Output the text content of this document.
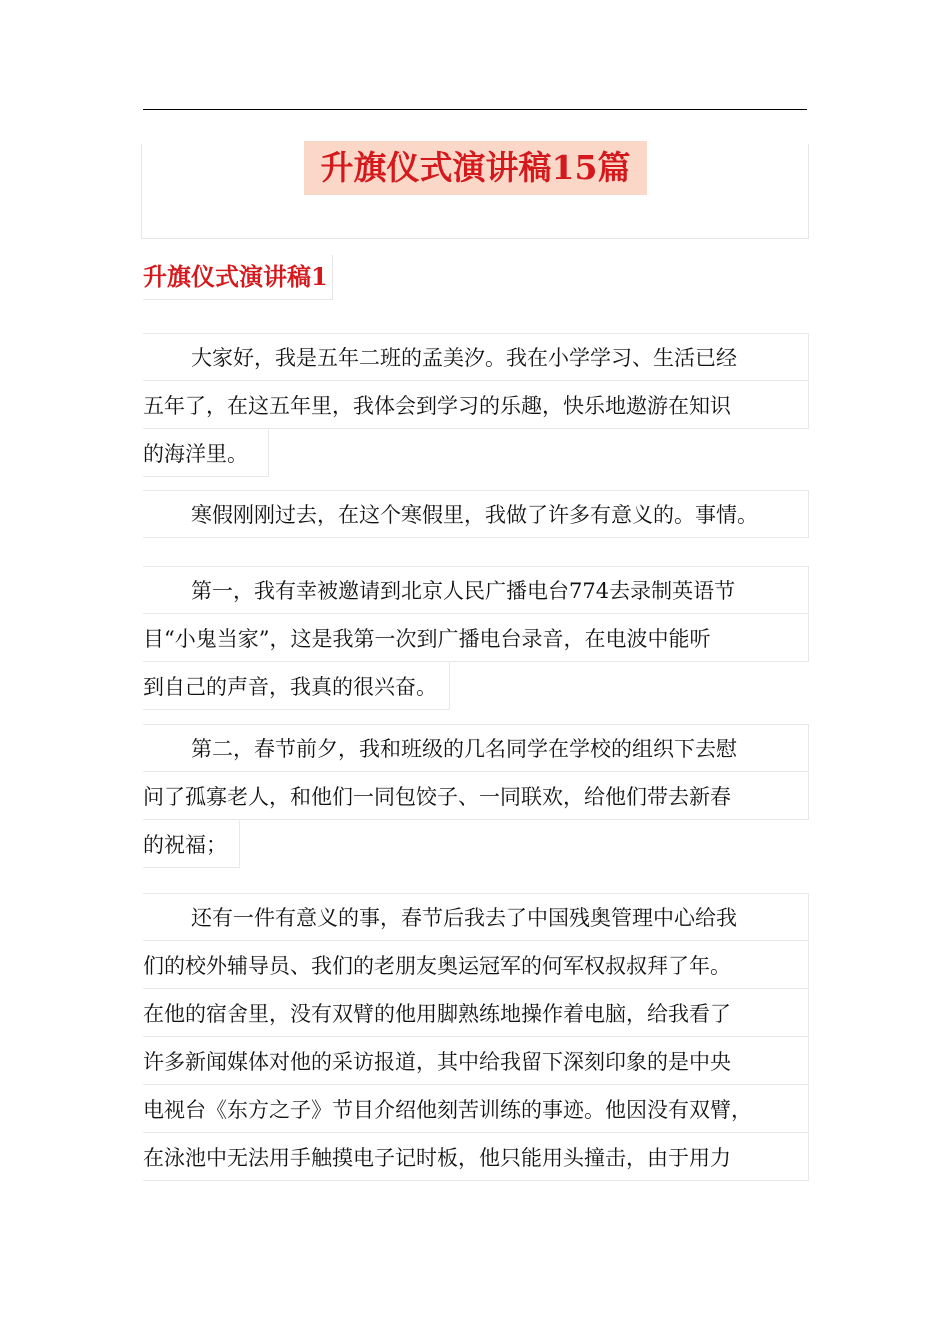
升旗仪式演讲稿15篇
升旗仪式演讲稿1
大家好，我是五年二班的孟美汐。我在小学学习、生活已经
五年了，在这五年里，我体会到学习的乐趣，快乐地遨游在知识
的海洋里。
寒假刚刚过去，在这个寒假里，我做了许多有意义的。事情。
第一，我有幸被邀请到北京人民广播电台774去录制英语节
目“小鬼当家”，这是我第一次到广播电台录音，在电波中能听
到自己的声音，我真的很兴奋。
第二，春节前夕，我和班级的几名同学在学校的组织下去慰
问了孤寡老人，和他们一同包饺子、一同联欢，给他们带去新春
的祝福；
还有一件有意义的事，春节后我去了中国残奥管理中心给我
们的校外辅导员、我们的老朋友奥运冠军的何军权叔叔拜了年。
在他的宿舍里，没有双臂的他用脚熟练地操作着电脑，给我看了
许多新闻媒体对他的采访报道，其中给我留下深刻印象的是中央
电视台《东方之子》节目介绍他刻苦训练的事迹。他因没有双臂，
在泳池中无法用手触摸电子记时板，他只能用头撞击，由于用力
